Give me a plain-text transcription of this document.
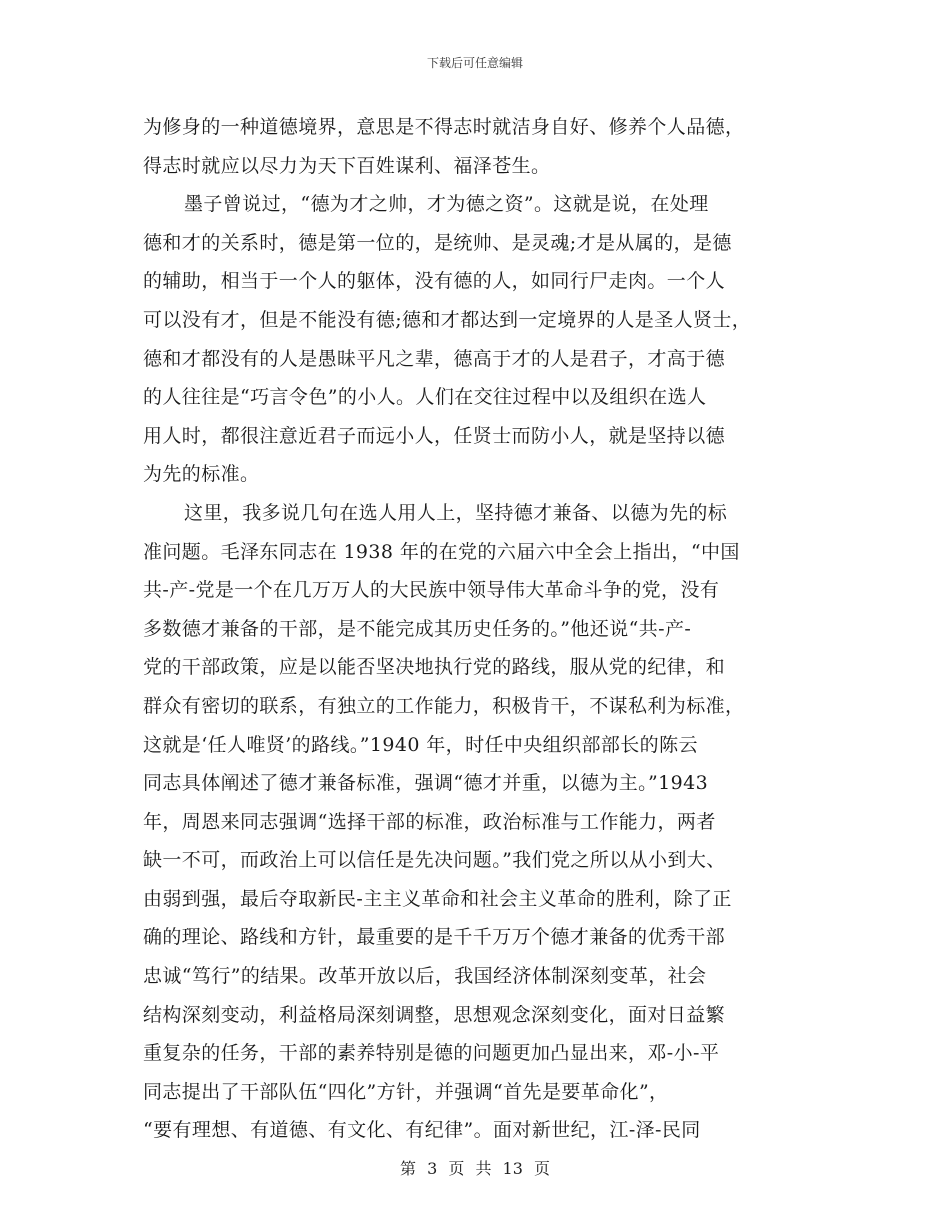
下载后可任意编辑
为修身的一种道德境界，意思是不得志时就洁身自好、修养个人品德，
得志时就应以尽力为天下百姓谋利、福泽苍生。
墨子曾说过，“德为才之帅，才为德之资”。这就是说，在处理
德和才的关系时，德是第一位的，是统帅、是灵魂;才是从属的，是德
的辅助，相当于一个人的躯体，没有德的人，如同行尸走肉。一个人
可以没有才，但是不能没有德;德和才都达到一定境界的人是圣人贤士，
德和才都没有的人是愚昧平凡之辈，德高于才的人是君子，才高于德
的人往往是“巧言令色”的小人。人们在交往过程中以及组织在选人
用人时，都很注意近君子而远小人，任贤士而防小人，就是坚持以德
为先的标准。
这里，我多说几句在选人用人上，坚持德才兼备、以德为先的标
准问题。毛泽东同志在 1938 年的在党的六届六中全会上指出，“中国
共-产-党是一个在几万万人的大民族中领导伟大革命斗争的党，没有
多数德才兼备的干部，是不能完成其历史任务的。”他还说“共-产-
党的干部政策，应是以能否坚决地执行党的路线，服从党的纪律，和
群众有密切的联系，有独立的工作能力，积极肯干，不谋私利为标准，
这就是‘任人唯贤’的路线。”1940 年，时任中央组织部部长的陈云
同志具体阐述了德才兼备标准，强调“德才并重，以德为主。”1943
年，周恩来同志强调“选择干部的标准，政治标准与工作能力，两者
缺一不可，而政治上可以信任是先决问题。”我们党之所以从小到大、
由弱到强，最后夺取新民-主主义革命和社会主义革命的胜利，除了正
确的理论、路线和方针，最重要的是千千万万个德才兼备的优秀干部
忠诚“笃行”的结果。改革开放以后，我国经济体制深刻变革，社会
结构深刻变动，利益格局深刻调整，思想观念深刻变化，面对日益繁
重复杂的任务，干部的素养特别是德的问题更加凸显出来，邓-小-平
同志提出了干部队伍“四化”方针，并强调“首先是要革命化”，
“要有理想、有道德、有文化、有纪律”。面对新世纪，江-泽-民同
第 3 页 共 13 页
